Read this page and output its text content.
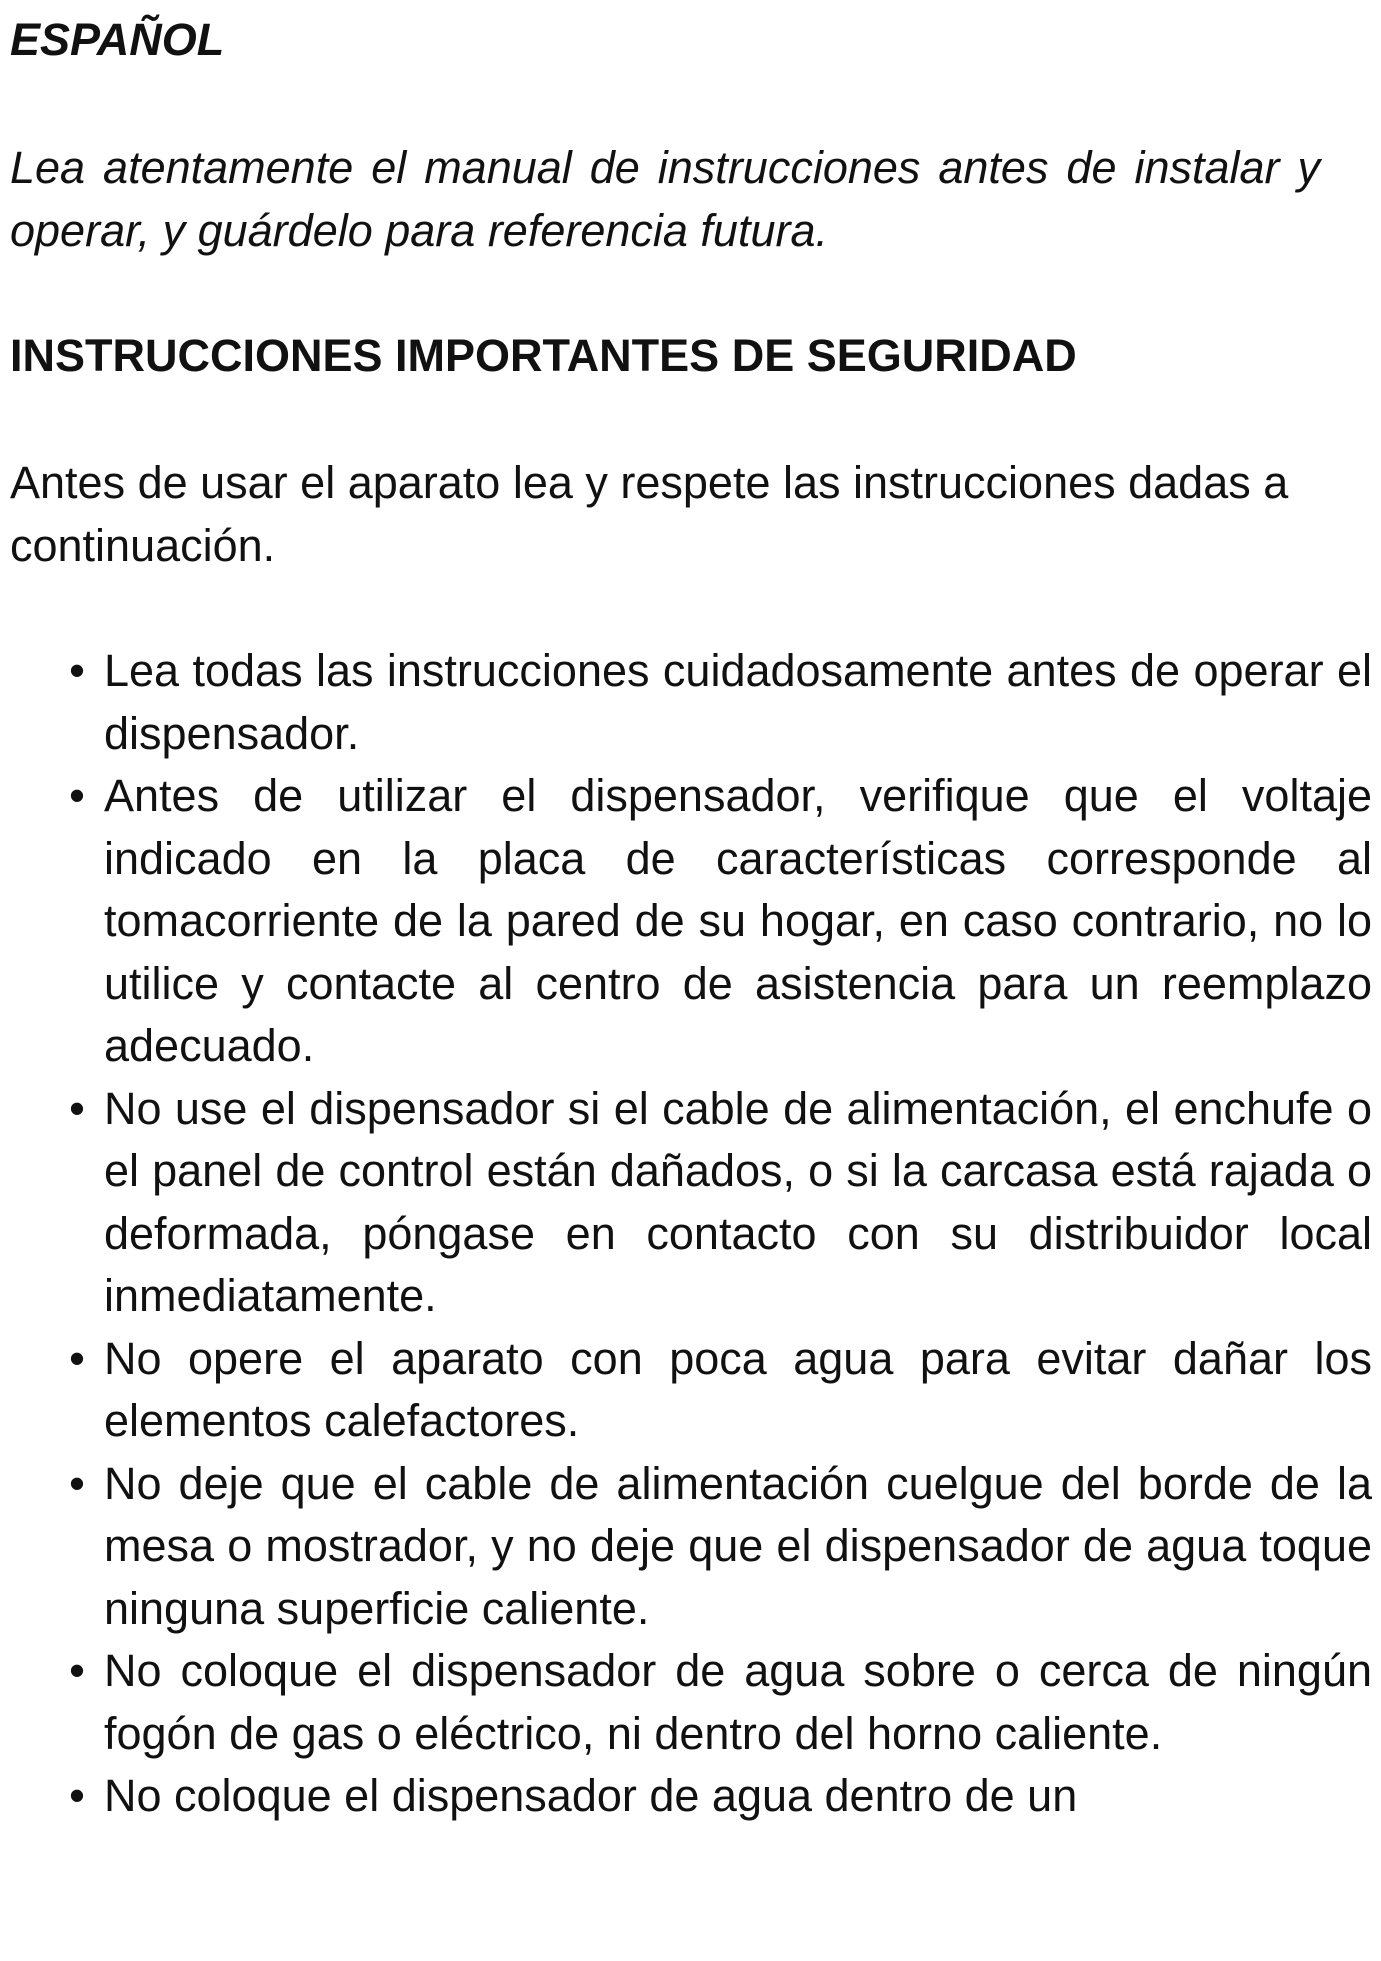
ESPAÑOL

Lea atentamente el manual de instrucciones antes de instalar y operar, y guárdelo para referencia futura.

INSTRUCCIONES IMPORTANTES DE SEGURIDAD

Antes de usar el aparato lea y respete las instrucciones dadas a continuación.

• Lea todas las instrucciones cuidadosamente antes de operar el dispensador.
• Antes de utilizar el dispensador, verifique que el voltaje indicado en la placa de características corresponde al tomacorriente de la pared de su hogar, en caso contrario, no lo utilice y contacte al centro de asistencia para un reemplazo adecuado.
• No use el dispensador si el cable de alimentación, el enchufe o el panel de control están dañados, o si la carcasa está rajada o deformada, póngase en contacto con su distribuidor local inmediatamente.
• No opere el aparato con poca agua para evitar dañar los elementos calefactores.
• No deje que el cable de alimentación cuelgue del borde de la mesa o mostrador, y no deje que el dispensador de agua toque ninguna superficie caliente.
• No coloque el dispensador de agua sobre o cerca de ningún fogón de gas o eléctrico, ni dentro del horno caliente.
• No coloque el dispensador de agua dentro de un
